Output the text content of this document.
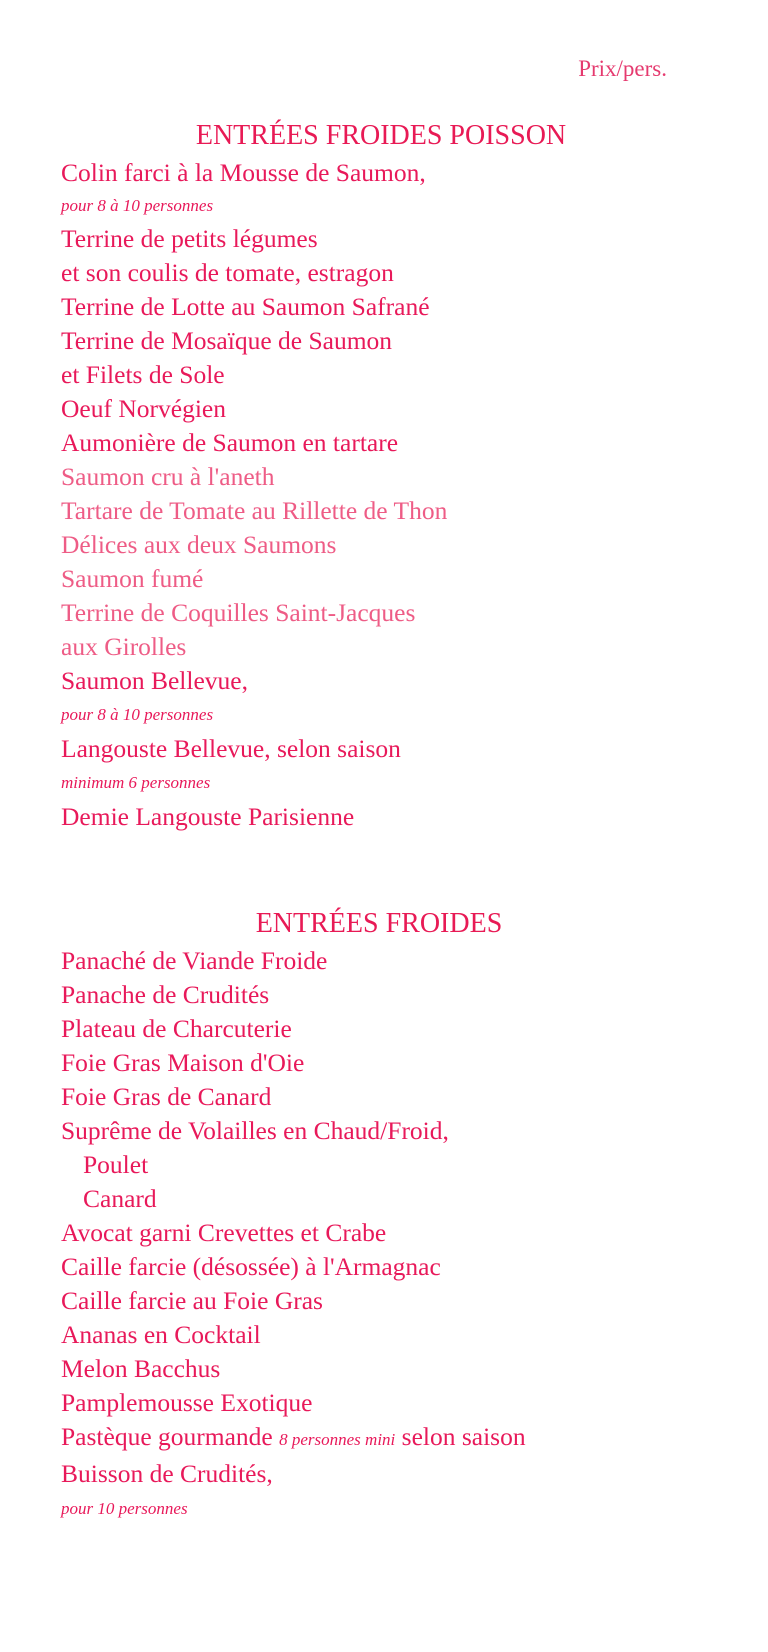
Prix/pers.
ENTRÉES FROIDES POISSON
Colin farci à la Mousse de Saumon,
pour 8 à 10 personnes
Terrine de petits légumes
et son coulis de tomate, estragon
Terrine de Lotte au Saumon Safrané
Terrine de Mosaïque de Saumon
et Filets de Sole
Oeuf Norvégien
Aumonière de Saumon en tartare
Saumon cru à l'aneth
Tartare de Tomate au Rillette de Thon
Délices aux deux Saumons
Saumon fumé
Terrine de Coquilles Saint-Jacques
aux Girolles
Saumon Bellevue,
pour 8 à 10 personnes
Langouste Bellevue, selon saison
minimum 6 personnes
Demie Langouste Parisienne
ENTRÉES FROIDES
Panaché de Viande Froide
Panache de Crudités
Plateau de Charcuterie
Foie Gras Maison d'Oie
Foie Gras de Canard
Suprême de Volailles en Chaud/Froid,
Poulet
Canard
Avocat garni Crevettes et Crabe
Caille farcie (désossée) à l'Armagnac
Caille farcie au Foie Gras
Ananas en Cocktail
Melon Bacchus
Pamplemousse Exotique
Pastèque gourmande 8 personnes mini selon saison
Buisson de Crudités,
pour 10 personnes
